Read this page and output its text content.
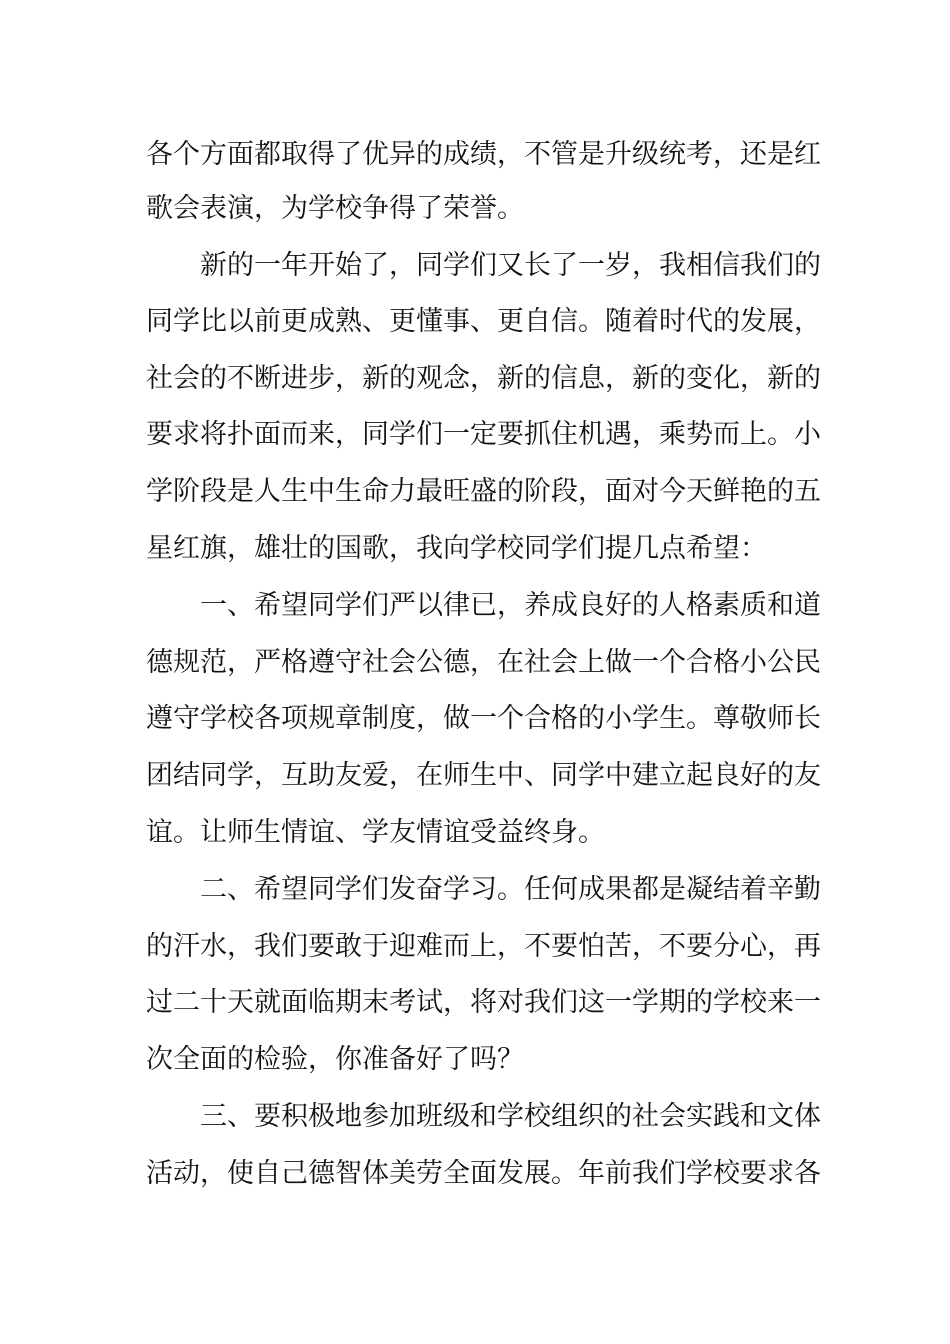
各个方面都取得了优异的成绩，不管是升级统考，还是红
歌会表演，为学校争得了荣誉。
新的一年开始了，同学们又长了一岁，我相信我们的
同学比以前更成熟、更懂事、更自信。随着时代的发展，
社会的不断进步，新的观念，新的信息，新的变化，新的
要求将扑面而来，同学们一定要抓住机遇，乘势而上。小
学阶段是人生中生命力最旺盛的阶段，面对今天鲜艳的五
星红旗，雄壮的国歌，我向学校同学们提几点希望：
一、希望同学们严以律已，养成良好的人格素质和道
德规范，严格遵守社会公德，在社会上做一个合格小公民
遵守学校各项规章制度，做一个合格的小学生。尊敬师长
团结同学，互助友爱，在师生中、同学中建立起良好的友
谊。让师生情谊、学友情谊受益终身。
二、希望同学们发奋学习。任何成果都是凝结着辛勤
的汗水，我们要敢于迎难而上，不要怕苦，不要分心，再
过二十天就面临期末考试，将对我们这一学期的学校来一
次全面的检验，你准备好了吗？
三、要积极地参加班级和学校组织的社会实践和文体
活动，使自己德智体美劳全面发展。年前我们学校要求各
